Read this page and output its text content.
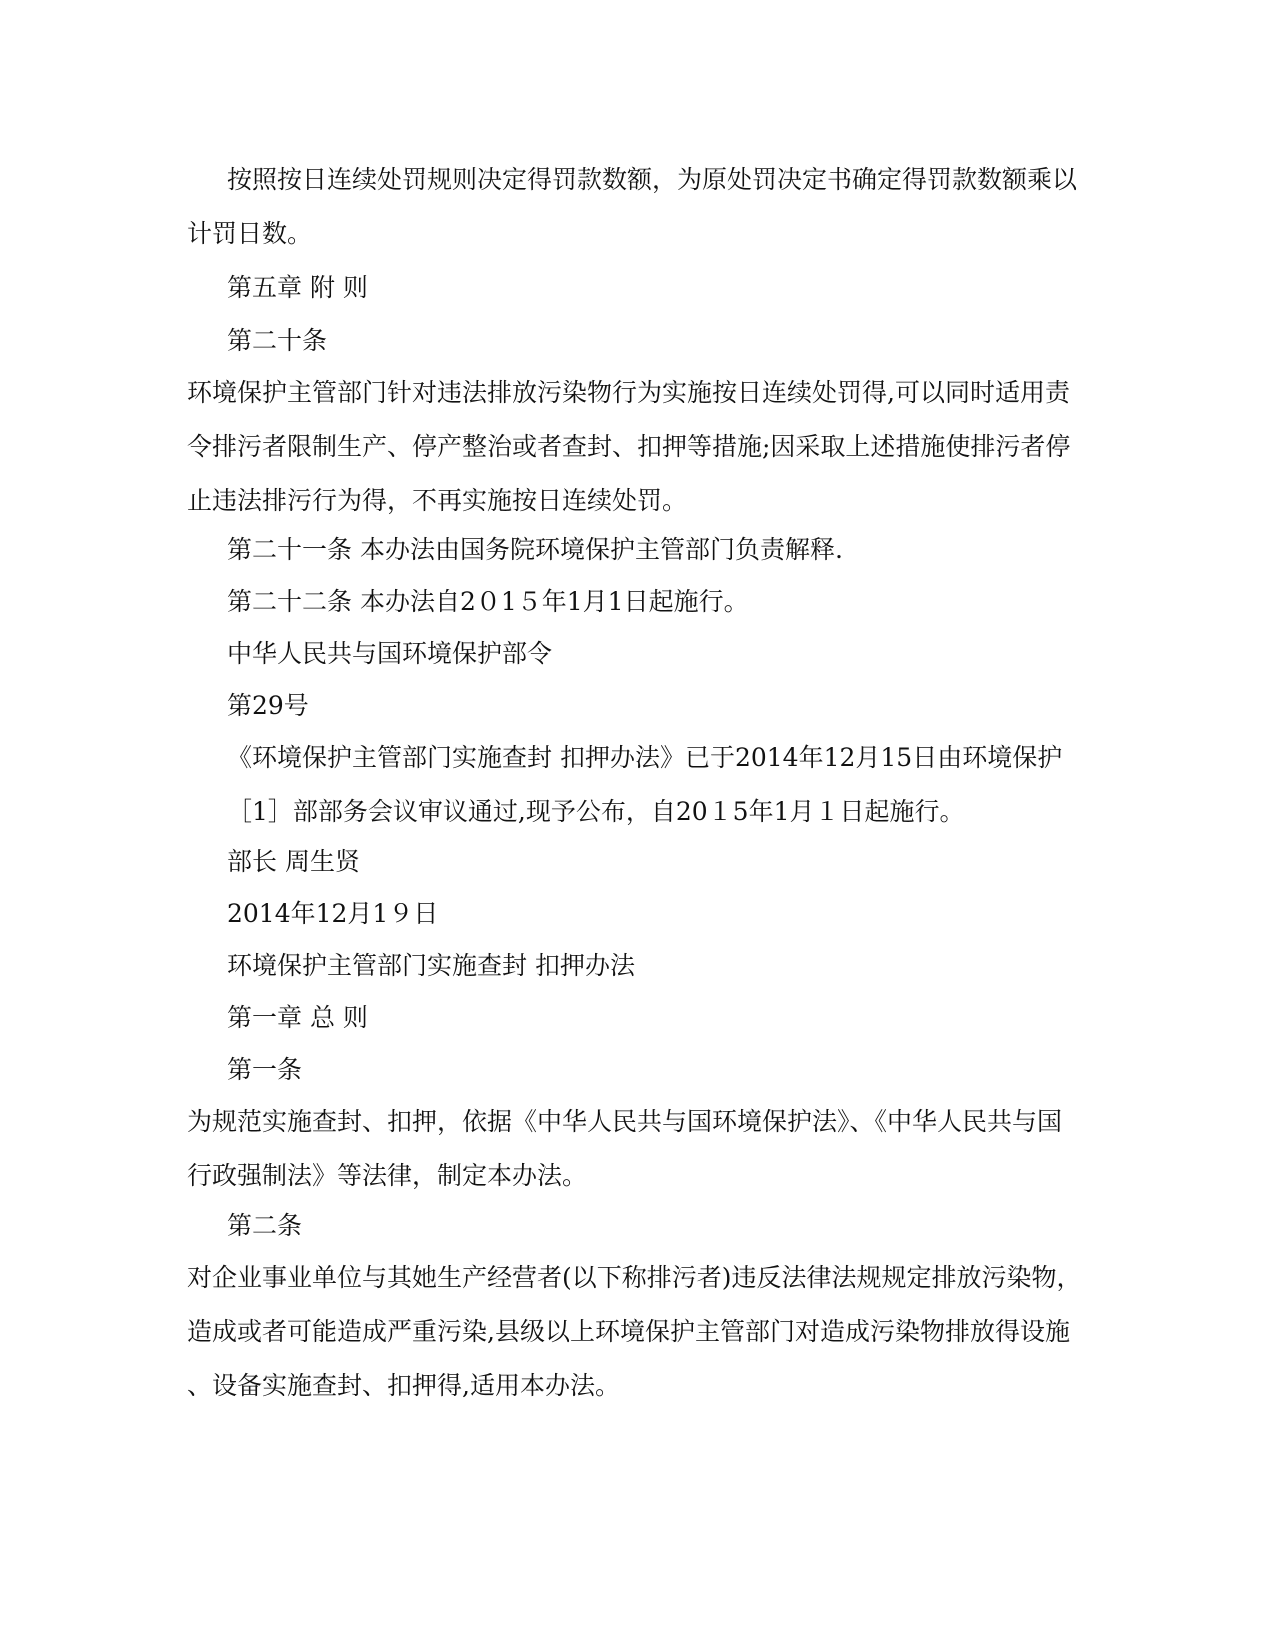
按照按日连续处罚规则决定得罚款数额，为原处罚决定书确定得罚款数额乘以
计罚日数。

第五章 附 则

第二十条

环境保护主管部门针对违法排放污染物行为实施按日连续处罚得,可以同时适用责
令排污者限制生产、停产整治或者查封、扣押等措施;因采取上述措施使排污者停
止违法排污行为得，不再实施按日连续处罚。

第二十一条 本办法由国务院环境保护主管部门负责解释.

第二十二条 本办法自2０1５年1月1日起施行。

中华人民共与国环境保护部令

第29号

《环境保护主管部门实施查封 扣押办法》已于2014年12月15日由环境保护
［1］部部务会议审议通过,现予公布，自20１5年1月１日起施行。

部长 周生贤

2014年12月1９日

环境保护主管部门实施查封 扣押办法

第一章 总 则

第一条

为规范实施查封、扣押，依据《中华人民共与国环境保护法》、《中华人民共与国
行政强制法》等法律，制定本办法。

第二条

对企业事业单位与其她生产经营者(以下称排污者)违反法律法规规定排放污染物，
造成或者可能造成严重污染,县级以上环境保护主管部门对造成污染物排放得设施
、设备实施查封、扣押得,适用本办法。
